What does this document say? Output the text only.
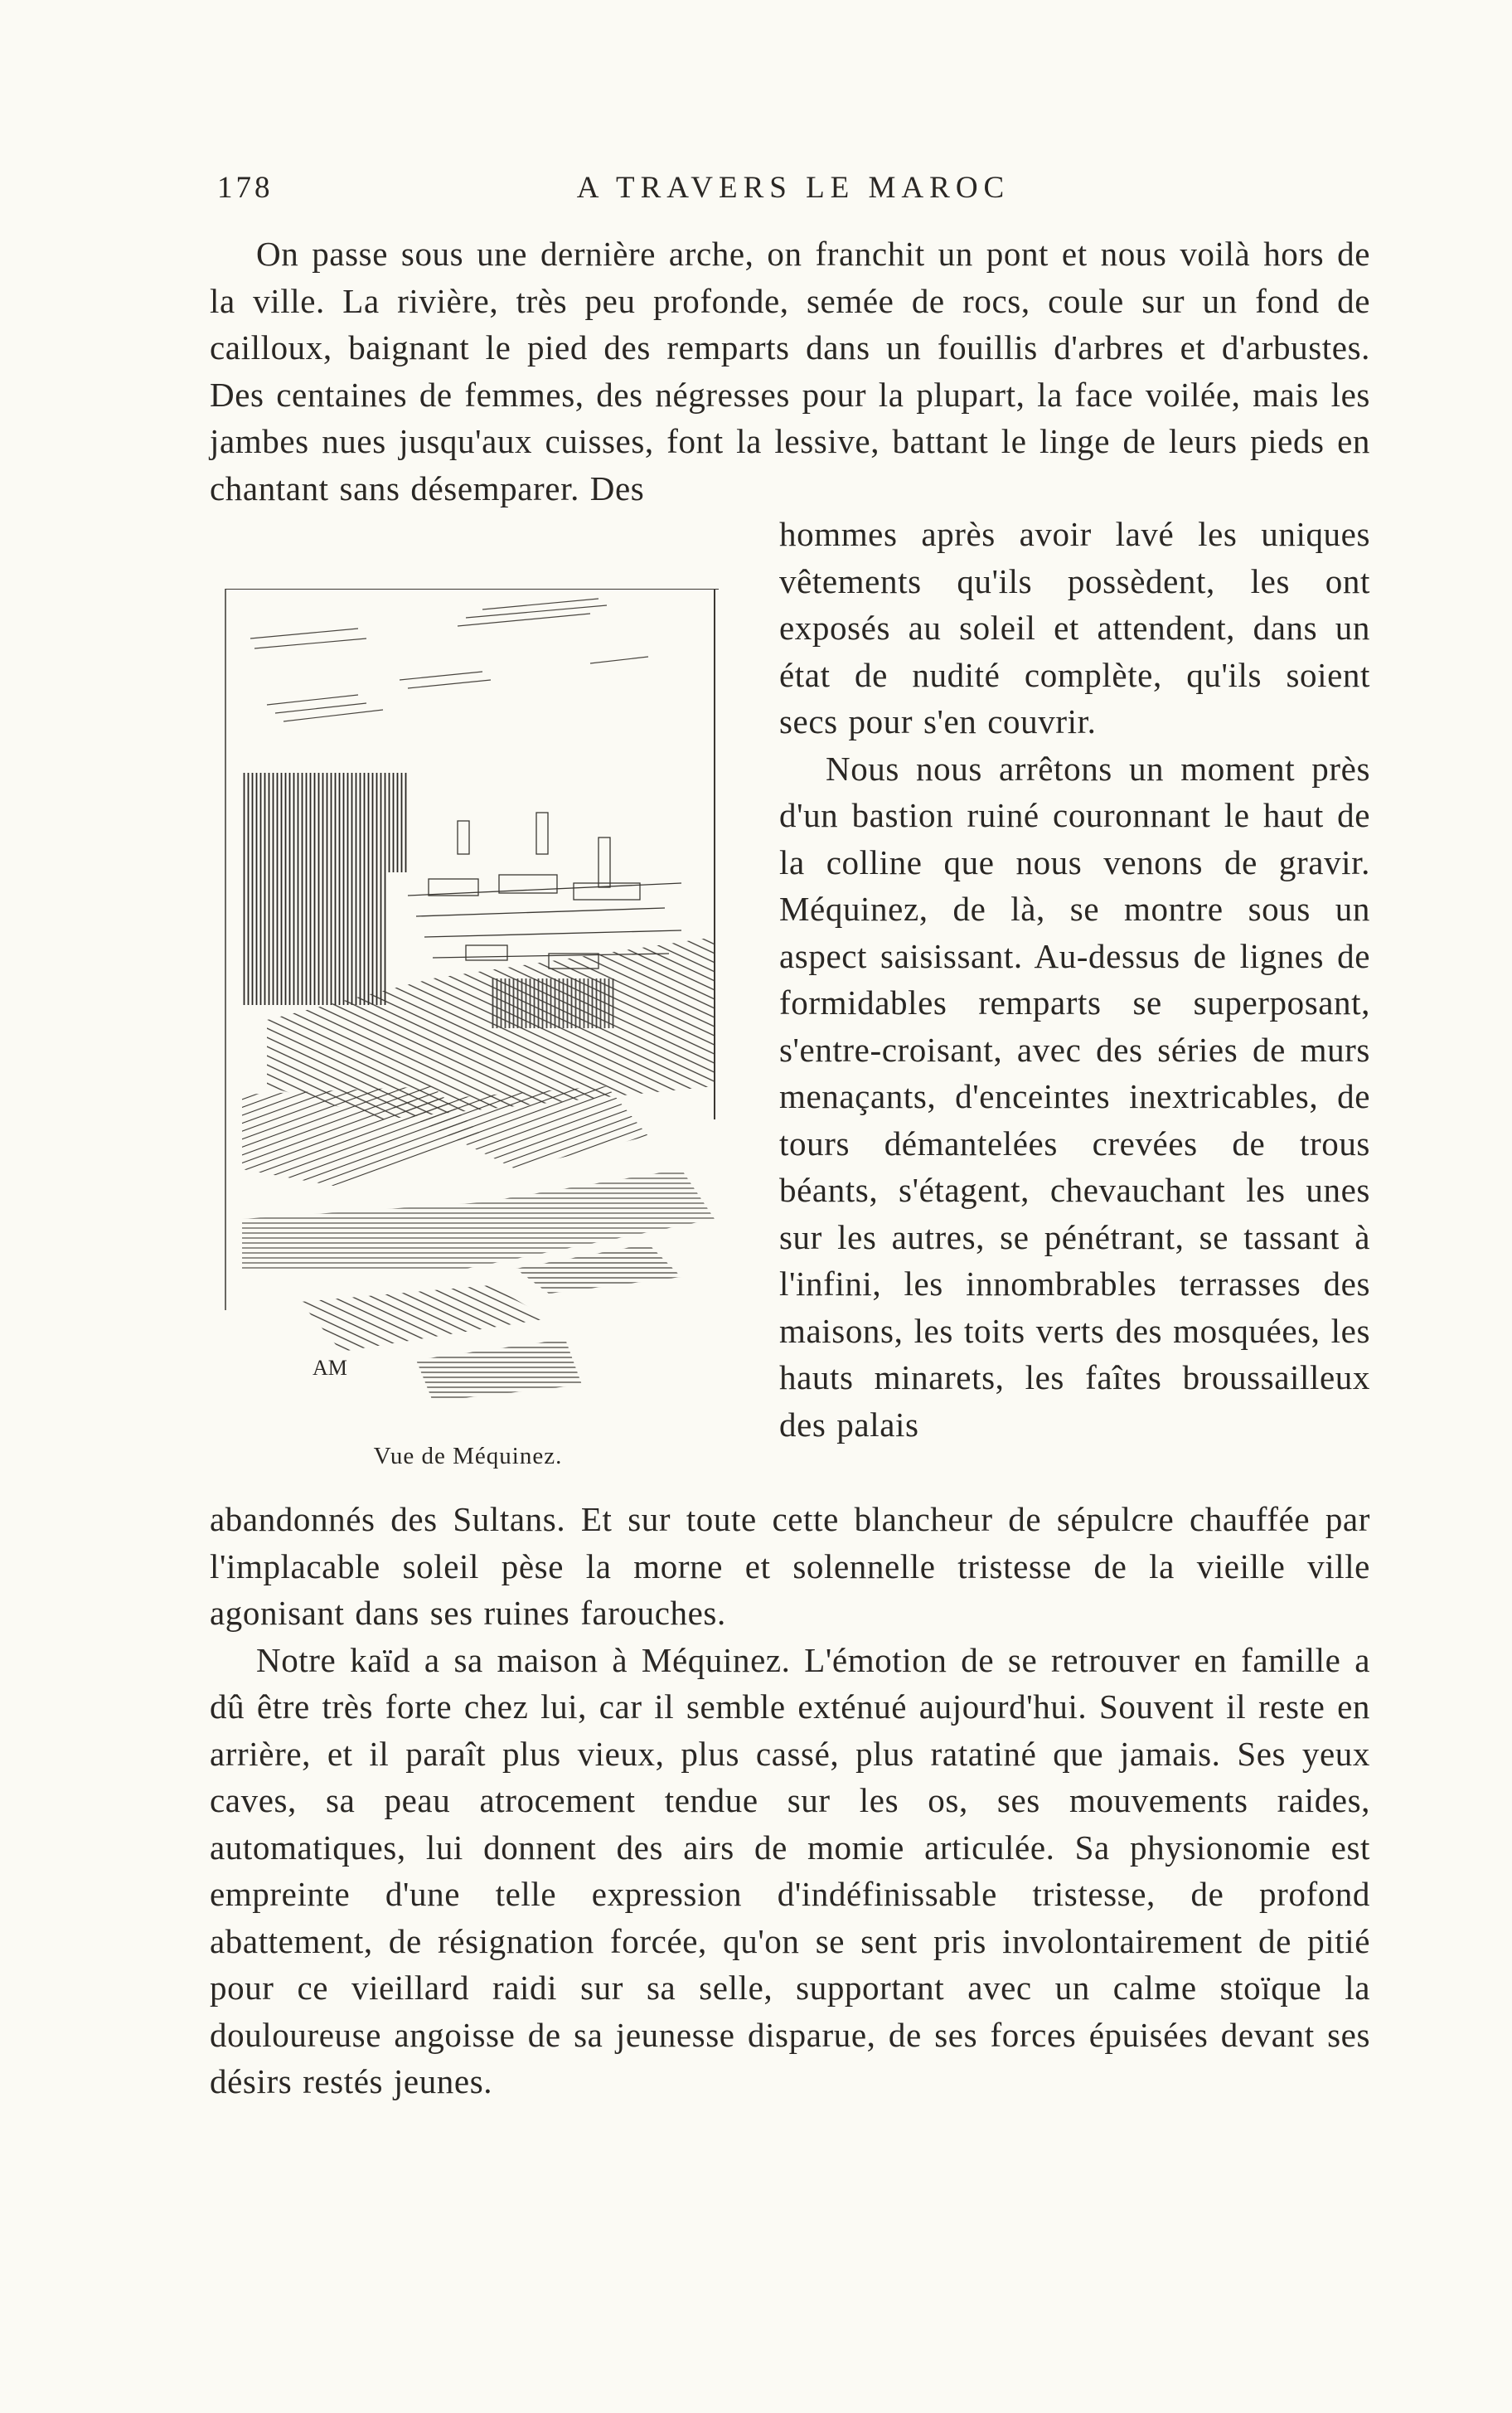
178	A TRAVERS LE MAROC

On passe sous une dernière arche, on franchit un pont et nous voilà hors de la ville. La rivière, très peu profonde, semée de rocs, coule sur un fond de cailloux, baignant le pied des remparts dans un fouillis d'arbres et d'arbustes. Des centaines de femmes, des négresses pour la plupart, la face voilée, mais les jambes nues jusqu'aux cuisses, font la lessive, battant le linge de leurs pieds en chantant sans désemparer. Des

AM
Vue de Méquinez.

hommes après avoir lavé les uniques vêtements qu'ils possèdent, les ont exposés au soleil et attendent, dans un état de nudité complète, qu'ils soient secs pour s'en couvrir.

Nous nous arrêtons un moment près d'un bastion ruiné couronnant le haut de la colline que nous venons de gravir. Méquinez, de là, se montre sous un aspect saisissant. Au-dessus de lignes de formidables remparts se superposant, s'entre-croisant, avec des séries de murs menaçants, d'enceintes inextricables, de tours démantelées crevées de trous béants, s'étagent, chevauchant les unes sur les autres, se pénétrant, se tassant à l'infini, les innombrables terrasses des maisons, les toits verts des mosquées, les hauts minarets, les faîtes broussailleux des palais

abandonnés des Sultans. Et sur toute cette blancheur de sépulcre chauffée par l'implacable soleil pèse la morne et solennelle tristesse de la vieille ville agonisant dans ses ruines farouches.

Notre kaïd a sa maison à Méquinez. L'émotion de se retrouver en famille a dû être très forte chez lui, car il semble exténué aujourd'hui. Souvent il reste en arrière, et il paraît plus vieux, plus cassé, plus ratatiné que jamais. Ses yeux caves, sa peau atrocement tendue sur les os, ses mouvements raides, automatiques, lui donnent des airs de momie articulée. Sa physionomie est empreinte d'une telle expression d'indéfinissable tristesse, de profond abattement, de résignation forcée, qu'on se sent pris involontairement de pitié pour ce vieillard raidi sur sa selle, supportant avec un calme stoïque la douloureuse angoisse de sa jeunesse disparue, de ses forces épuisées devant ses désirs restés jeunes.
